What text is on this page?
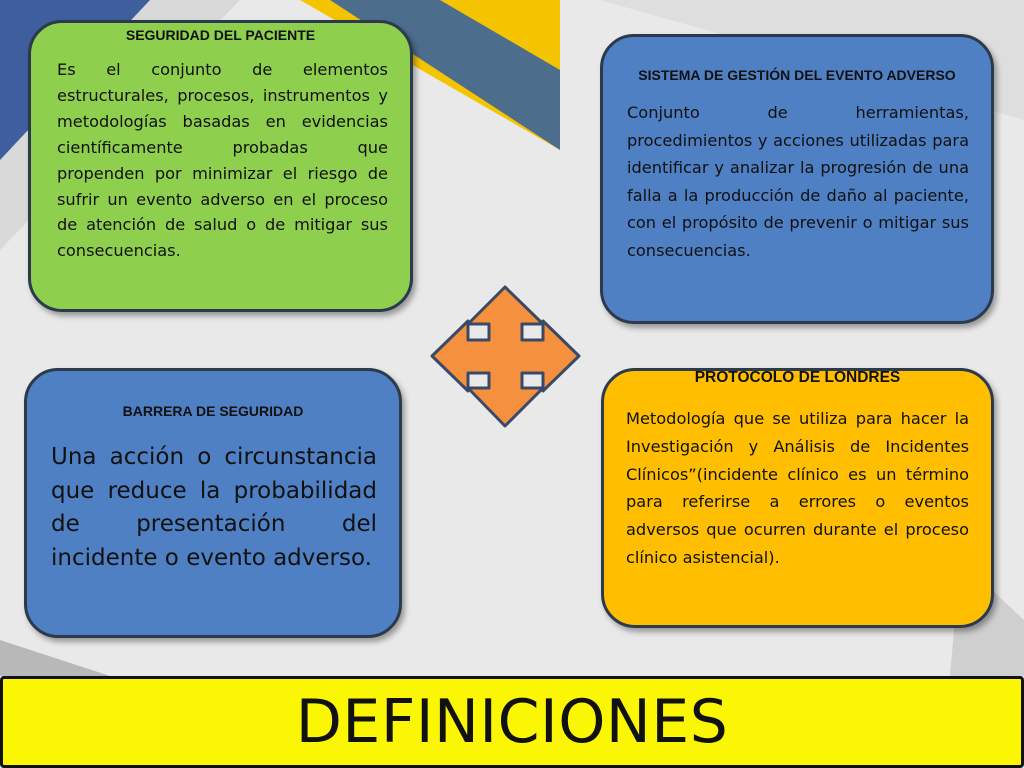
SEGURIDAD DEL PACIENTE
Es el conjunto de elementos estructurales, procesos, instrumentos y metodologías basadas en evidencias científicamente probadas que propenden por minimizar el riesgo de sufrir un evento adverso en el proceso de atención de salud o de mitigar sus consecuencias.
SISTEMA DE GESTIÓN DEL EVENTO ADVERSO
Conjunto de herramientas, procedimientos y acciones utilizadas para identificar y analizar la progresión de una falla a la producción de daño al paciente, con el propósito de prevenir o mitigar sus consecuencias.
BARRERA DE SEGURIDAD
Una acción o circunstancia que reduce la probabilidad de presentación del incidente o evento adverso.
PROTOCOLO DE LONDRES
Metodología que se utiliza para hacer la Investigación y Análisis de Incidentes Clínicos”(incidente clínico es un término para referirse a errores o eventos adversos que ocurren durante el proceso clínico asistencial).
DEFINICIONES
